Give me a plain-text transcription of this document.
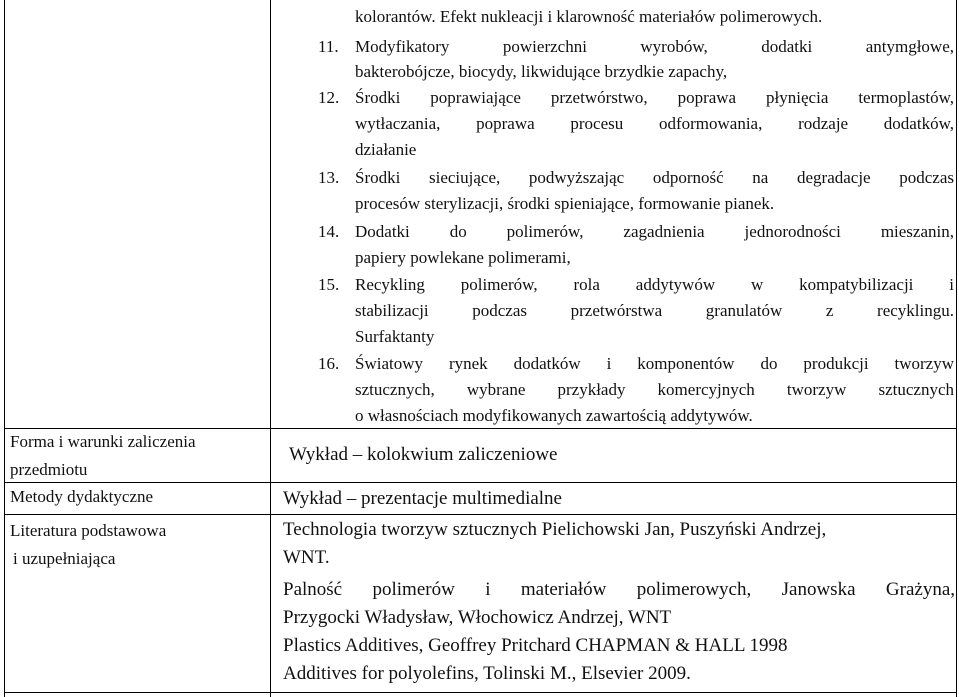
Forma i warunki zaliczenia
przedmiotu
Metody dydaktyczne
Literatura podstawowa
i uzupełniająca
kolorantów. Efekt nukleacji i klarowność materiałów polimerowych.
11. Modyfikatory powierzchni wyrobów, dodatki antymgłowe,
bakterobójcze, biocydy, likwidujące brzydkie zapachy,
12. Środki poprawiające przetwórstwo, poprawa płynięcia termoplastów,
wytłaczania, poprawa procesu odformowania, rodzaje dodatków,
działanie
13. Środki sieciujące, podwyższając odporność na degradacje podczas
procesów sterylizacji, środki spieniające, formowanie pianek.
14. Dodatki do polimerów, zagadnienia jednorodności mieszanin,
papiery powlekane polimerami,
15. Recykling polimerów, rola addytywów w kompatybilizacji i
stabilizacji podczas przetwórstwa granulatów z recyklingu.
Surfaktanty
16. Światowy rynek dodatków i komponentów do produkcji tworzyw
sztucznych, wybrane przykłady komercyjnych tworzyw sztucznych
o własnościach modyfikowanych zawartością addytywów.
Wykład – kolokwium zaliczeniowe
Wykład – prezentacje multimedialne
Technologia tworzyw sztucznych Pielichowski Jan, Puszyński Andrzej,
WNT.
Palność polimerów i materiałów polimerowych, Janowska Grażyna,
Przygocki Władysław, Włochowicz Andrzej, WNT
Plastics Additives, Geoffrey Pritchard CHAPMAN & HALL 1998
Additives for polyolefins, Tolinski M., Elsevier 2009.
